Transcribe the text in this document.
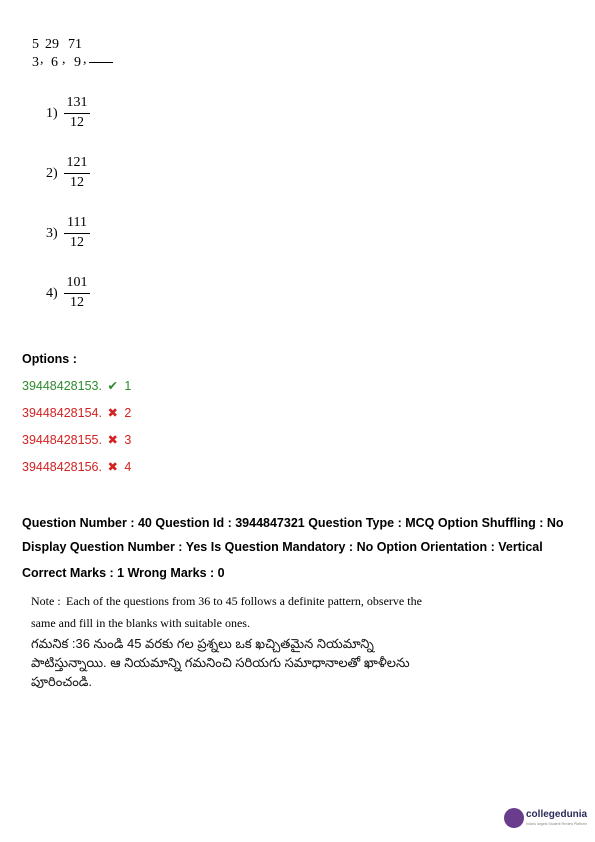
5
3 ,
29
6 ,
71
9 ,
1)
131
12
2)
121
12
3)
111
12
4)
101
12
Options :
39448428153. ✔ 1
39448428154. ✖ 2
39448428155. ✖ 3
39448428156. ✖ 4
Question Number : 40 Question Id : 3944847321 Question Type : MCQ Option Shuffling : No
Display Question Number : Yes Is Question Mandatory : No Option Orientation : Vertical
Correct Marks : 1 Wrong Marks : 0
Note : Each of the questions from 36 to 45 follows a definite pattern, observe the same and fill in the blanks with suitable ones.
గమనిక :36 నుండి 45 వరకు గల ప్రశ్నలు ఒక ఖచ్చితమైన నియమాన్ని పాటిస్తున్నాయి. ఆ నియమాన్ని గమనించి సరియగు సమాధానాలతో ఖాళీలను పూరించండి.
collegedunia
India's largest Student Review Platform
